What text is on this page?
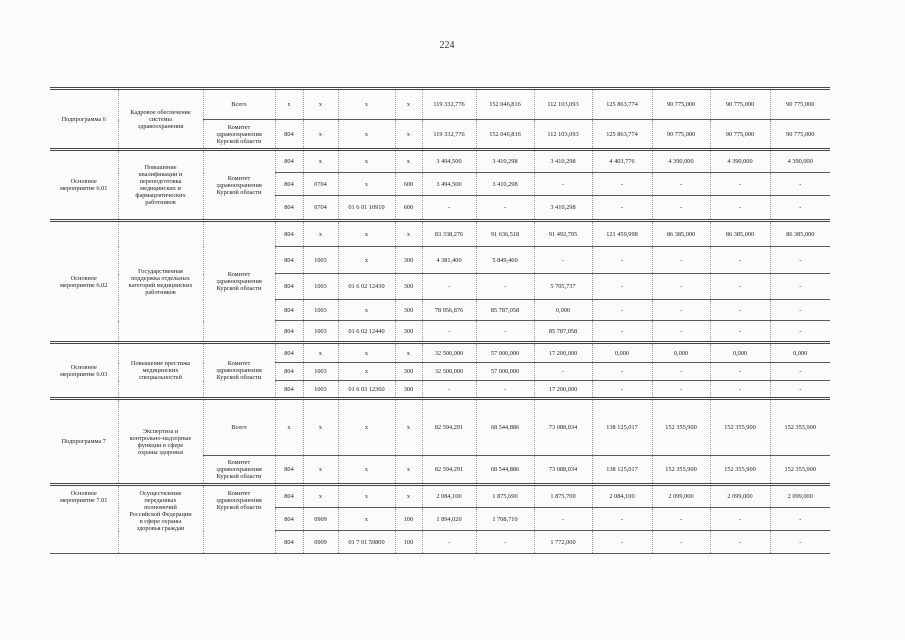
224
Подпрограмма 6	Кадровое обеспечение системы здравоохранения	Всего	x	x	x	x	119 332,776	152 046,816	112 103,093	125 863,774	90 775,000	90 775,000	90 775,000
		Комитет здравоохранения Курской области	804	x	x	x	119 332,776	152 046,816	112 103,093	125 863,774	90 775,000	90 775,000	90 775,000
Основное мероприятие 6.01	Повышение квалификации и переподготовка медицинских и фармацевтических работников	Комитет здравоохранения Курской области	804	x	x	x	3 494,500	3 410,298	3 410,298	4 403,776	4 390,000	4 390,000	4 390,000
			804	0704	x	600	3 494,500	3 410,298	-	-	-	-	-
			804	0704	01 6 01 10910	600	-	-	3 410,298	-	-	-	-
Основное мероприятие 6.02	Государственная поддержка отдельных категорий медицинских работников	Комитет здравоохранения Курской области	804	x	x	x	83 338,276	91 636,518	91 492,795	121 459,998	86 385,000	86 385,000	86 385,000
			804	1003	x	300	4 381,400	5 849,460	-	-	-	-	-
			804	1003	01 6 02 12430	300	-	-	5 705,737	-	-	-	-
			804	1003	x	300	78 956,876	85 787,058	0,000	-	-	-	-
			804	1003	01 6 02 12440	300	-	-	85 787,058	-	-	-	-
Основное мероприятие 6.03	Повышение престижа медицинских специальностей	Комитет здравоохранения Курской области	804	x	x	x	32 500,000	57 000,000	17 200,000	0,000	0,000	0,000	0,000
			804	1003	x	300	32 500,000	57 000,000	-	-	-	-	-
			804	1003	01 6 03 12360	300	-	-	17 200,000	-	-	-	-
Подпрограмма 7	Экспертиза и контрольно-надзорные функции в сфере охраны здоровья	Всего	x	x	x	x	82 594,291	68 544,886	73 088,034	138 125,017	152 355,900	152 355,900	152 355,900
		Комитет здравоохранения Курской области	804	x	x	x	82 594,291	68 544,886	73 088,034	138 125,017	152 355,900	152 355,900	152 355,900
Основное мероприятие 7.01	Осуществление переданных полномочий Российской Федерации в сфере охраны здоровья граждан	Комитет здравоохранения Курской области	804	x	x	x	2 084,100	1 875,690	1 875,700	2 084,100	2 099,000	2 099,000	2 099,000
			804	0909	x	100	1 894,020	1 708,710	-	-	-	-	-
			804	0909	01 7 01 59800	100	-	-	1 772,000	-	-	-	-
